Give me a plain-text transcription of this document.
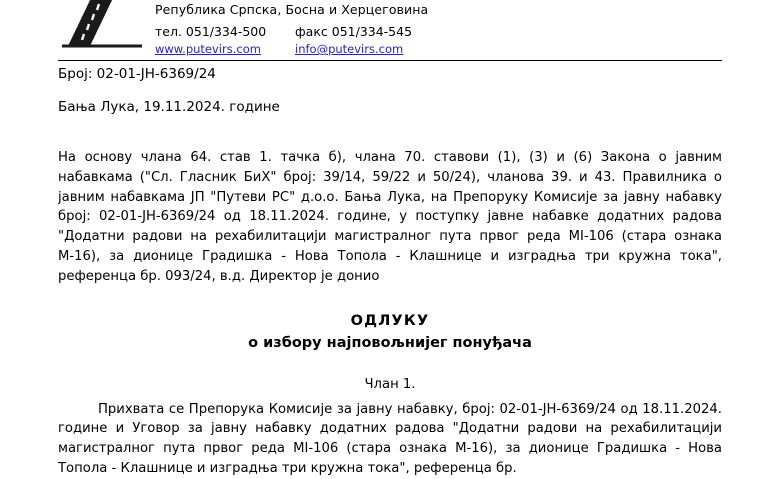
Република Српска, Босна и Херцеговина
тел. 051/334-500	факс 051/334-545
www.putevirs.com	info@putevirs.com
Број: 02-01-ЈН-6369/24
Бања Лука, 19.11.2024. године

На основу члана 64. став 1. тачка б), члана 70. ставови (1), (3) и (6) Закона о јавним набавкама ("Сл. Гласник БиХ" број: 39/14, 59/22 и 50/24), чланова 39. и 43. Правилника о јавним набавкама ЈП "Путеви РС" д.о.о. Бања Лука, на Препоруку Комисије за јавну набавку број: 02-01-ЈН-6369/24 од 18.11.2024. године, у поступку јавне набавке додатних радова "Додатни радови на рехабилитацији магистралног пута првог реда МI-106 (стара ознака М-16), за дионице Градишка - Нова Топола - Клашнице и изградња три кружна тока", референца бр. 093/24, в.д. Директор је донио

ОДЛУКУ
о избору најповољнијег понуђача
Члан 1.

Прихвата се Препорука Комисије за јавну набавку, број: 02-01-ЈН-6369/24 од 18.11.2024. године и Уговор за јавну набавку додатних радова "Додатни радови на рехабилитацији магистралног пута првог реда МI-106 (стара ознака М-16), за дионице Градишка - Нова Топола - Клашнице и изградња три кружна тока", референца бр.
